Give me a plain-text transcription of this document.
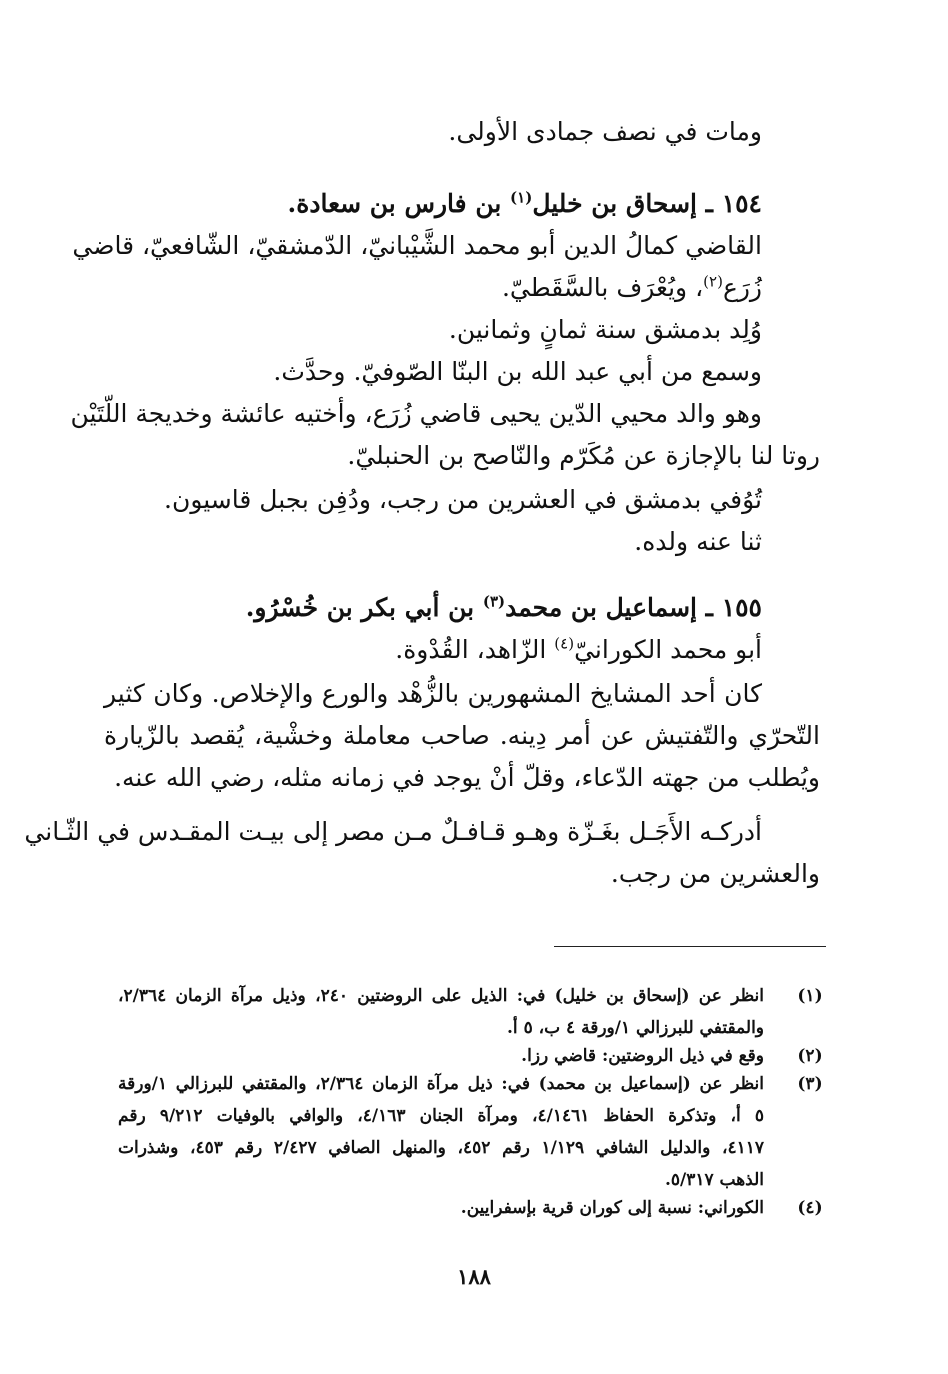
ومات في نصف جمادى الأولى.
١٥٤ ـ إسحاق بن خليل$^{(١)}$ بن فارس بن سعادة.
القاضي كمالُ الدين أبو محمد الشَّيْبانيّ، الدّمشقيّ، الشّافعيّ، قاضي
زُرَع$^{(٢)}$، ويُعْرَف بالسَّقَطيّ.
وُلِد بدمشق سنة ثمانٍ وثمانين.
وسمع من أبي عبد الله بن البنّا الصّوفيّ. وحدَّث.
وهو والد محيي الدّين يحيى قاضي زُرَع، وأختيه عائشة وخديجة اللّتَيْن
روتا لنا بالإجازة عن مُكَرّم والنّاصح بن الحنبليّ.
تُوُفي بدمشق في العشرين من رجب، ودُفِن بجبل قاسيون.
ثنا عنه ولده.
١٥٥ ـ إسماعيل بن محمد$^{(٣)}$ بن أبي بكر بن خُسْرُو.
أبو محمد الكورانيّ$^{(٤)}$ الزّاهد، القُدْوة.
كان أحد المشايخ المشهورين بالزُّهْد والورع والإخلاص. وكان كثير
التّحرّي والتّفتيش عن أمر دِينه. صاحب معاملة وخشْية، يُقصد بالزّيارة
ويُطلب من جهته الدّعاء، وقلّ أنْ يوجد في زمانه مثله، رضي الله عنه.
أدركـه الأَجَـل بغَـزّة وهـو قـافـلٌ مـن مصر إلى بيـت المقـدس في الثّـاني
والعشرين من رجب.
(١)
انظر عن (إسحاق بن خليل) في: الذيل على الروضتين ٢٤٠، وذيل مرآة الزمان ٢/٣٦٤،
والمقتفي للبرزالي ١/ورقة ٤ ب، ٥ أ.
(٢)
وقع في ذيل الروضتين: قاضي رزا.
(٣)
انظر عن (إسماعيل بن محمد) في: ذيل مرآة الزمان ٢/٣٦٤، والمقتفي للبرزالي ١/ورقة
٥ أ، وتذكرة الحفاظ ٤/١٤٦١، ومرآة الجنان ٤/١٦٣، والوافي بالوفيات ٩/٢١٢ رقم
٤١١٧، والدليل الشافي ١/١٢٩ رقم ٤٥٢، والمنهل الصافي ٢/٤٢٧ رقم ٤٥٣، وشذرات
الذهب ٥/٣١٧.
(٤)
الكوراني: نسبة إلى كوران قرية بإسفرايين.
١٨٨
